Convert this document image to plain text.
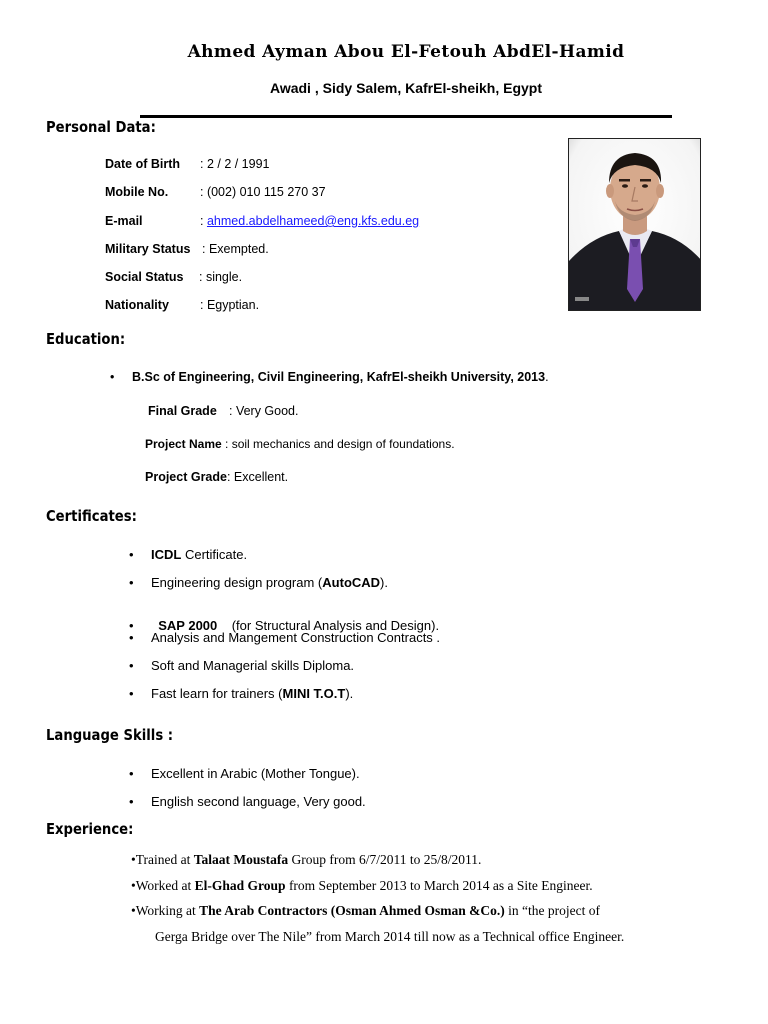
Ahmed Ayman Abou El-Fetouh AbdEl-Hamid
Awadi , Sidy Salem, KafrEl-sheikh, Egypt
Personal Data:
Date of Birth : 2 / 2 / 1991
Mobile No.	: (002) 010 115 270 37
E-mail	: ahmed.abdelhameed@eng.kfs.edu.eg
Military Status : Exempted.
Social Status : single.
Nationality : Egyptian.
Education:
B.Sc of Engineering, Civil Engineering, KafrEl-sheikh University, 2013.
Final Grade : Very Good.
Project Name : soil mechanics and design of foundations.
Project Grade: Excellent.
Certificates:
ICDL Certificate.
Engineering design program (AutoCAD).

SAP 2000    (for Structural Analysis and Design).

Analysis and Mangement Construction Contracts .
Soft and Managerial skills Diploma.
Fast learn for trainers (MINI T.O.T).
Language Skills :
Excellent in Arabic (Mother Tongue).
English second language, Very good.
Experience:
•Trained at Talaat Moustafa Group from 6/7/2011 to 25/8/2011.
•Worked at El-Ghad Group from September 2013 to March 2014 as a Site Engineer.
•Working at The Arab Contractors (Osman Ahmed Osman &Co.) in “the project of
Gerga Bridge over The Nile” from March 2014 till now as a Technical office Engineer.
